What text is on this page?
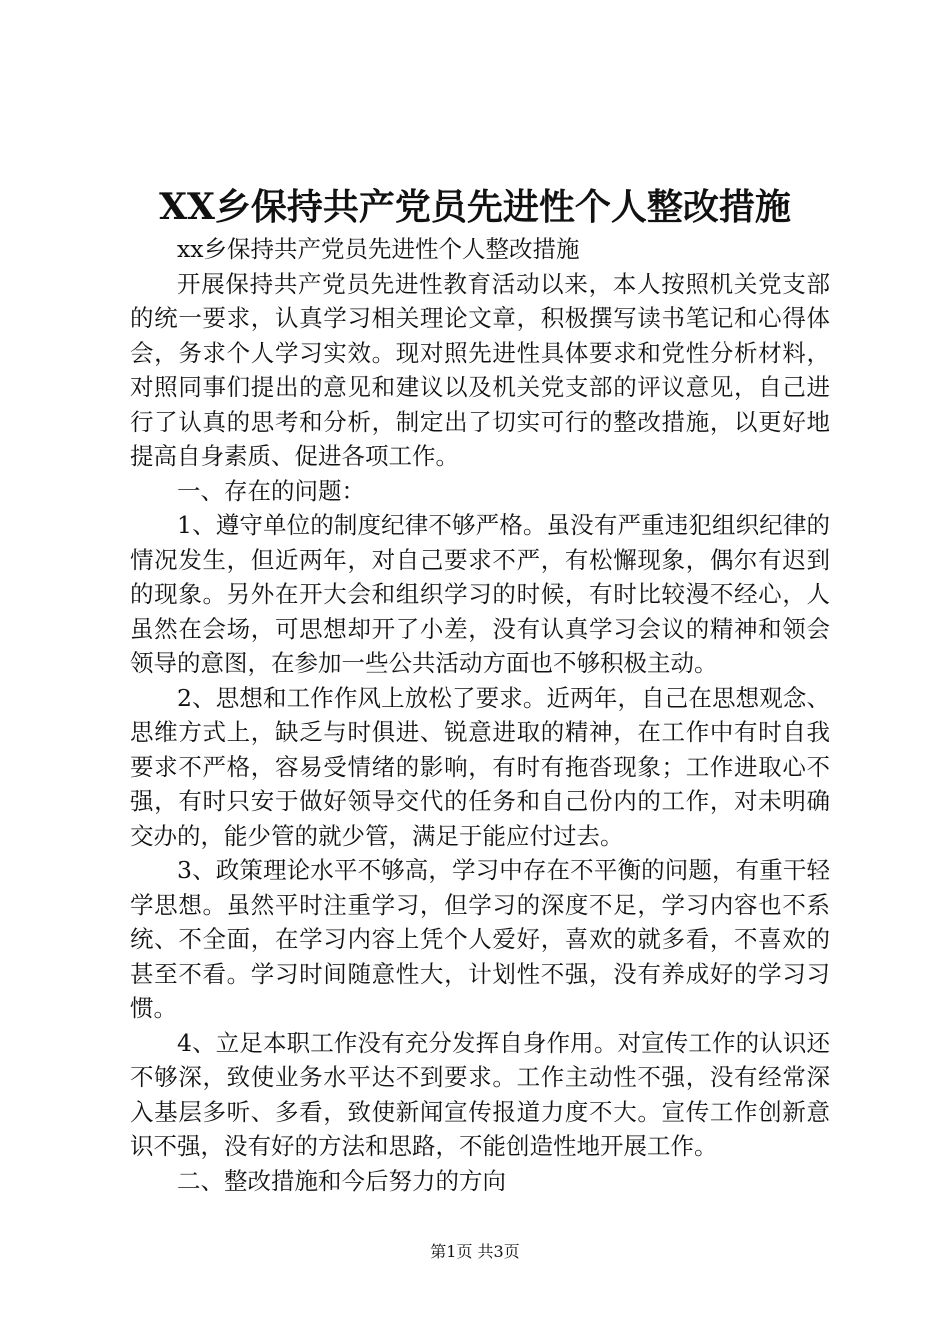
XX乡保持共产党员先进性个人整改措施

xx乡保持共产党员先进性个人整改措施

开展保持共产党员先进性教育活动以来，本人按照机关党支部的统一要求，认真学习相关理论文章，积极撰写读书笔记和心得体会，务求个人学习实效。现对照先进性具体要求和党性分析材料，对照同事们提出的意见和建议以及机关党支部的评议意见，自己进行了认真的思考和分析，制定出了切实可行的整改措施，以更好地提高自身素质、促进各项工作。

一、存在的问题：

1、遵守单位的制度纪律不够严格。虽没有严重违犯组织纪律的情况发生，但近两年，对自己要求不严，有松懈现象，偶尔有迟到的现象。另外在开大会和组织学习的时候，有时比较漫不经心，人虽然在会场，可思想却开了小差，没有认真学习会议的精神和领会领导的意图，在参加一些公共活动方面也不够积极主动。

2、思想和工作作风上放松了要求。近两年，自己在思想观念、思维方式上，缺乏与时俱进、锐意进取的精神，在工作中有时自我要求不严格，容易受情绪的影响，有时有拖沓现象；工作进取心不强，有时只安于做好领导交代的任务和自己份内的工作，对未明确交办的，能少管的就少管，满足于能应付过去。

3、政策理论水平不够高，学习中存在不平衡的问题，有重干轻学思想。虽然平时注重学习，但学习的深度不足，学习内容也不系统、不全面，在学习内容上凭个人爱好，喜欢的就多看，不喜欢的甚至不看。学习时间随意性大，计划性不强，没有养成好的学习习惯。

4、立足本职工作没有充分发挥自身作用。对宣传工作的认识还不够深，致使业务水平达不到要求。工作主动性不强，没有经常深入基层多听、多看，致使新闻宣传报道力度不大。宣传工作创新意识不强，没有好的方法和思路，不能创造性地开展工作。

二、整改措施和今后努力的方向

第1页 共3页
